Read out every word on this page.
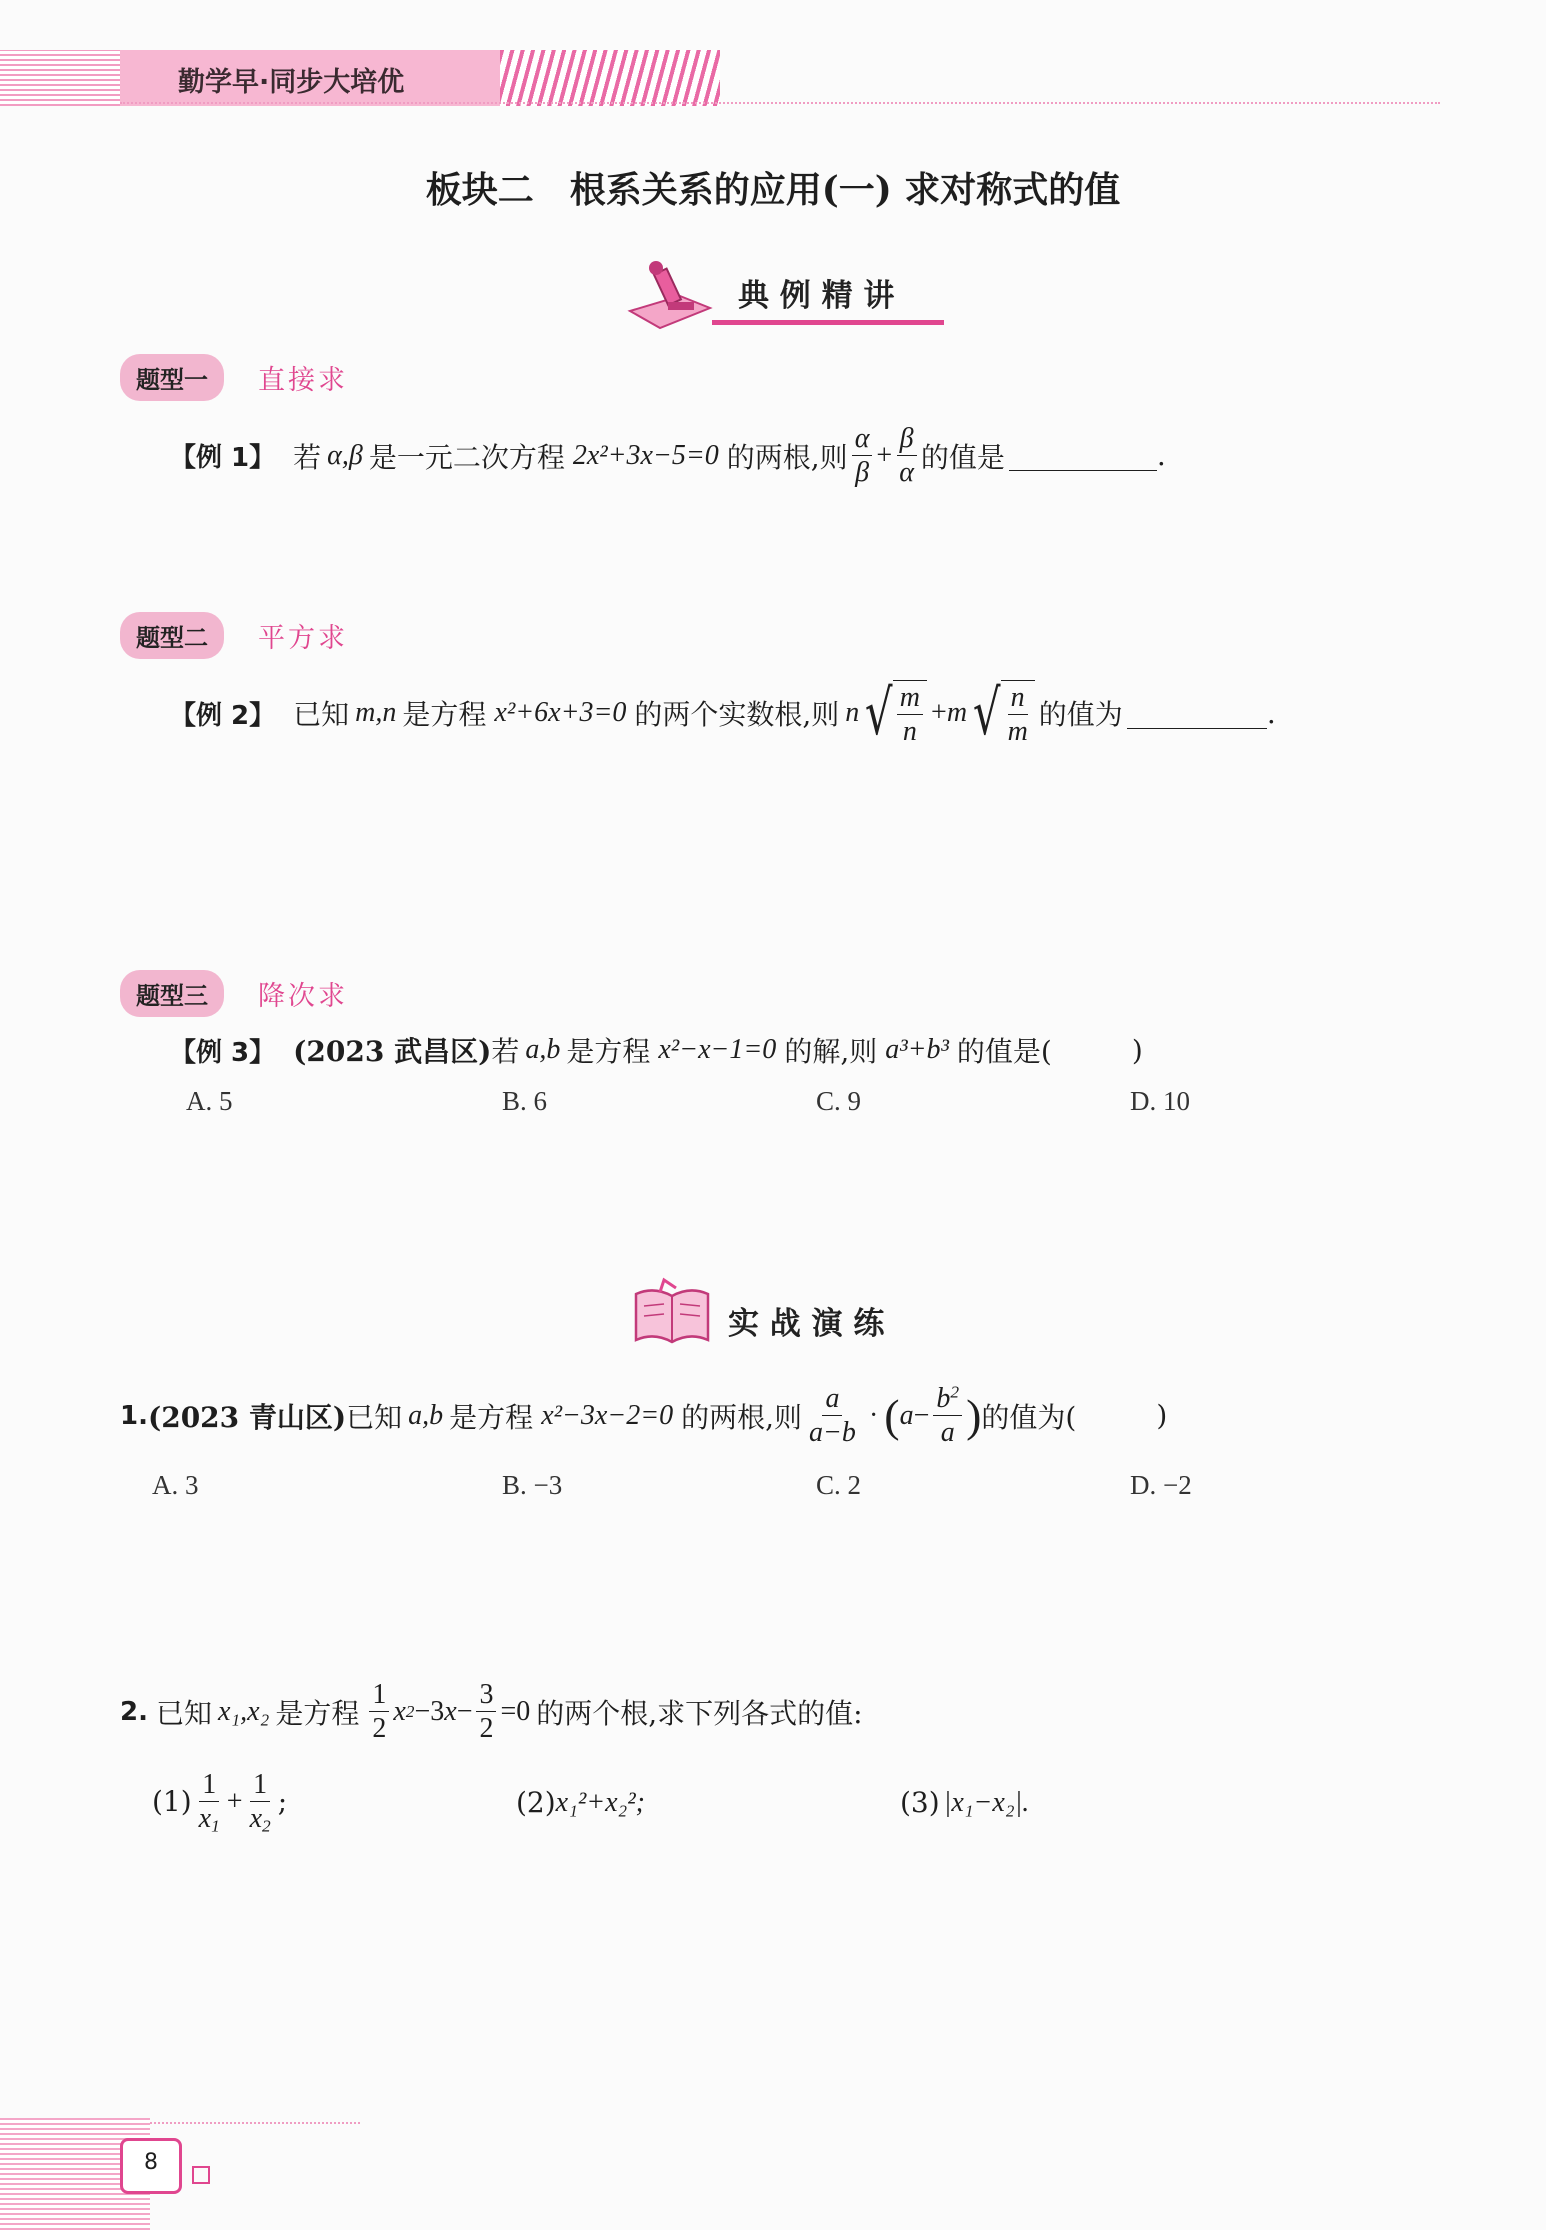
勤学早·同步大培优
板块二　根系关系的应用(一) 求对称式的值
典 例 精 讲
题型一	直接求
【例 1】 若 α,β 是一元二次方程 2x²+3x−5=0 的两根,则 $\frac{\alpha}{\beta} + \frac{\beta}{\alpha}$ 的值是	.
题型二	平方求
【例 2】 已知 m,n 是方程 x²+6x+3=0 的两个实数根,则 n √ $\frac{m}{n} + m$ √ $\frac{n}{m}$ 的值为	.
题型三	降次求
【例 3】 (2023 武昌区) 若 a,b 是方程 x²−x−1=0 的解,则 a³+b³ 的值是(	)
A. 5	B. 6	C. 9	D. 10
实 战 演 练
1. (2023 青山区) 已知 a,b 是方程 x²−3x−2=0 的两根,则 $\frac{a}{a-b}$ · ( $a - \frac{b^2}{a}$ ) 的值为(	)
A. 3	B. −3	C. 2	D. −2
2. 已知 x₁,x₂ 是方程 $\frac{1}{2}$ x 2 −3 $x - \frac{3}{2} =0$ 的两个根,求下列各式的值:
$(1) \frac{1}{x_1} + \frac{1}{x_2}$ ;	(2) x₁²+x₂²;	(3) |x₁−x₂|.
8
